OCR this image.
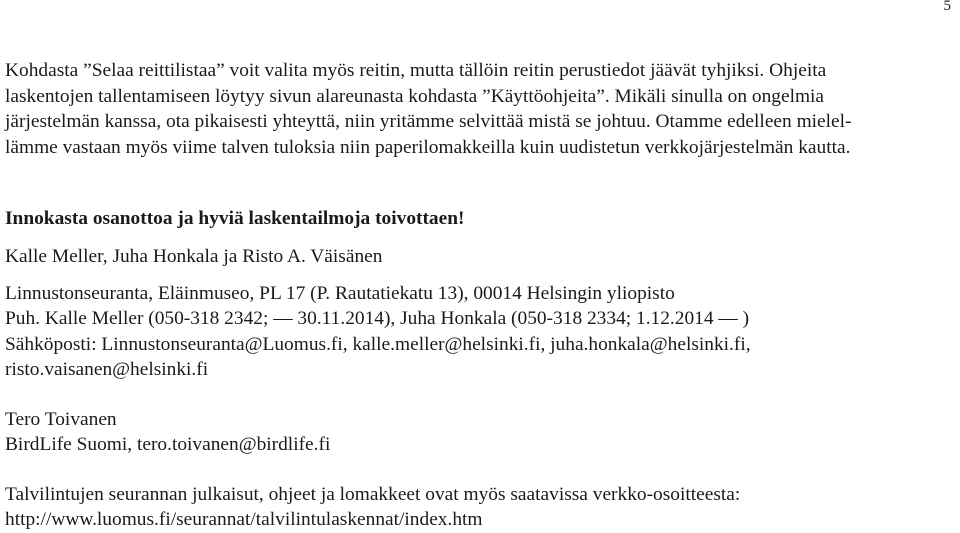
5

Kohdasta ”Selaa reittilistaa” voit valita myös reitin, mutta tällöin reitin perustiedot jäävät tyhjiksi. Ohjeita

laskentojen tallentamiseen löytyy sivun alareunasta kohdasta ”Käyttöohjeita”. Mikäli sinulla on ongelmia

järjestelmän kanssa, ota pikaisesti yhteyttä, niin yritämme selvittää mistä se johtuu. Otamme edelleen mielel-

lämme vastaan myös viime talven tuloksia niin paperilomakkeilla kuin uudistetun verkkojärjestelmän kautta.

Innokasta osanottoa ja hyviä laskentailmoja toivottaen!

Kalle Meller, Juha Honkala ja Risto A. Väisänen

Linnustonseuranta, Eläinmuseo, PL 17 (P. Rautatiekatu 13), 00014 Helsingin yliopisto

Puh. Kalle Meller (050-318 2342; — 30.11.2014), Juha Honkala (050-318 2334; 1.12.2014 — )

Sähköposti: Linnustonseuranta@Luomus.fi, kalle.meller@helsinki.fi, juha.honkala@helsinki.fi,

risto.vaisanen@helsinki.fi

Tero Toivanen

BirdLife Suomi, tero.toivanen@birdlife.fi

Talvilintujen seurannan julkaisut, ohjeet ja lomakkeet ovat myös saatavissa verkko-osoitteesta:

http://www.luomus.fi/seurannat/talvilintulaskennat/index.htm
